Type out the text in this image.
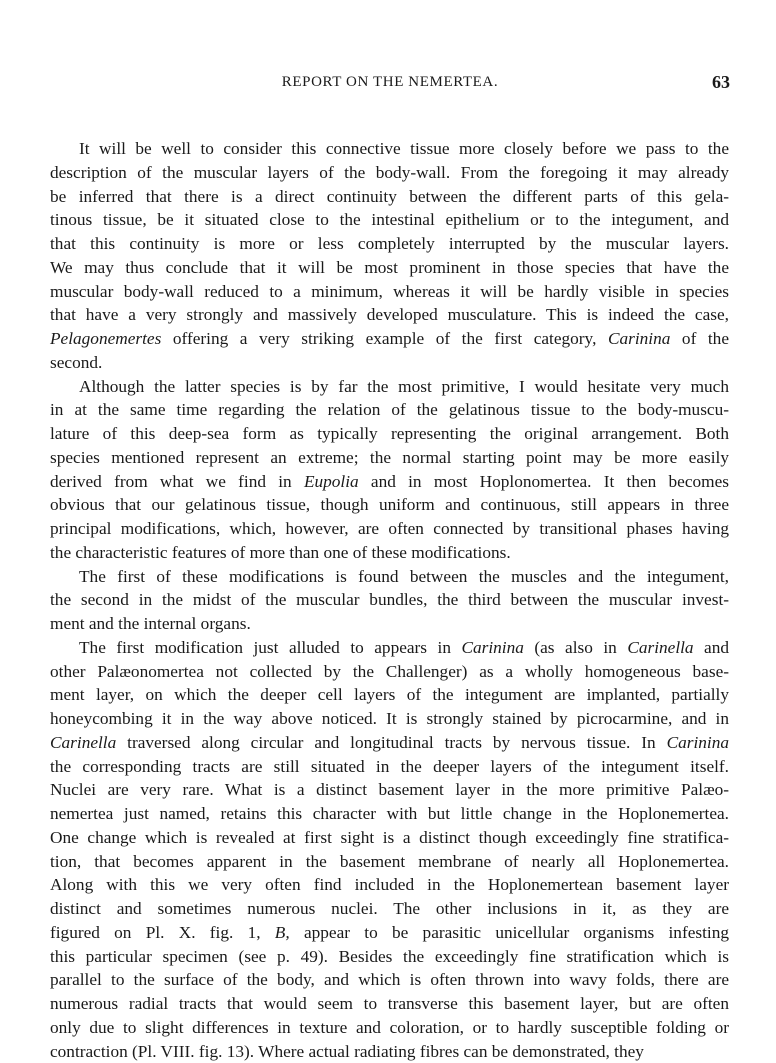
REPORT ON THE NEMERTEA.	63
It will be well to consider this connective tissue more closely before we pass to the
description of the muscular layers of the body-wall. From the foregoing it may already
be inferred that there is a direct continuity between the different parts of this gela-
tinous tissue, be it situated close to the intestinal epithelium or to the integument, and
that this continuity is more or less completely interrupted by the muscular layers.
We may thus conclude that it will be most prominent in those species that have the
muscular body-wall reduced to a minimum, whereas it will be hardly visible in species
that have a very strongly and massively developed musculature. This is indeed the case,
Pelagonemertes offering a very striking example of the first category, Carinina of the
second.
Although the latter species is by far the most primitive, I would hesitate very much
in at the same time regarding the relation of the gelatinous tissue to the body-muscu-
lature of this deep-sea form as typically representing the original arrangement. Both
species mentioned represent an extreme; the normal starting point may be more easily
derived from what we find in Eupolia and in most Hoplonomertea. It then becomes
obvious that our gelatinous tissue, though uniform and continuous, still appears in three
principal modifications, which, however, are often connected by transitional phases having
the characteristic features of more than one of these modifications.
The first of these modifications is found between the muscles and the integument,
the second in the midst of the muscular bundles, the third between the muscular invest-
ment and the internal organs.
The first modification just alluded to appears in Carinina (as also in Carinella and
other Palæonomertea not collected by the Challenger) as a wholly homogeneous base-
ment layer, on which the deeper cell layers of the integument are implanted, partially
honeycombing it in the way above noticed. It is strongly stained by picrocarmine, and in
Carinella traversed along circular and longitudinal tracts by nervous tissue. In Carinina
the corresponding tracts are still situated in the deeper layers of the integument itself.
Nuclei are very rare. What is a distinct basement layer in the more primitive Palæo-
nemertea just named, retains this character with but little change in the Hoplonemertea.
One change which is revealed at first sight is a distinct though exceedingly fine stratifica-
tion, that becomes apparent in the basement membrane of nearly all Hoplonemertea.
Along with this we very often find included in the Hoplonemertean basement layer
distinct and sometimes numerous nuclei. The other inclusions in it, as they are
figured on Pl. X. fig. 1, B, appear to be parasitic unicellular organisms infesting
this particular specimen (see p. 49). Besides the exceedingly fine stratification which is
parallel to the surface of the body, and which is often thrown into wavy folds, there are
numerous radial tracts that would seem to transverse this basement layer, but are often
only due to slight differences in texture and coloration, or to hardly susceptible folding or
contraction (Pl. VIII. fig. 13). Where actual radiating fibres can be demonstrated, they
